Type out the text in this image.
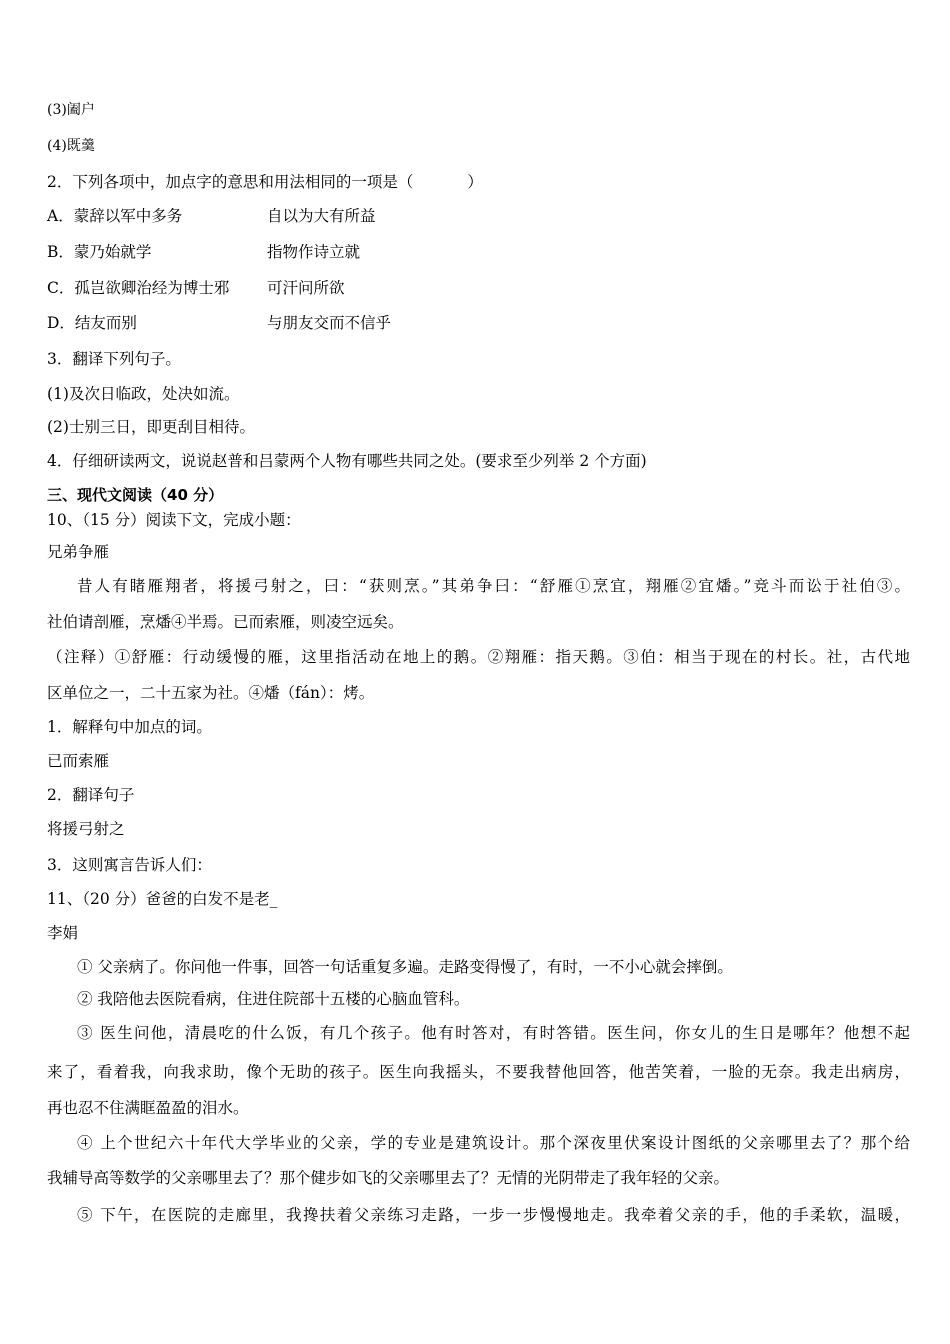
(3)阖户
(4)既羹
2．下列各项中，加点字的意思和用法相同的一项是（	）
A．蒙辞以军中多务	自以为大有所益
B．蒙乃始就学	指物作诗立就
C．孤岂欲卿治经为博士邪 可汗问所欲
D．结友而别	与朋友交而不信乎
3．翻译下列句子。
(1)及次日临政，处决如流。
(2)士别三日，即更刮目相待。
4．仔细研读两文，说说赵普和吕蒙两个人物有哪些共同之处。(要求至少列举 2 个方面)
三、现代文阅读（40 分）
10、（15 分）阅读下文，完成小题：
兄弟争雁
昔人有睹雁翔者，将援弓射之，曰：“获则烹。”其弟争曰：“舒雁①烹宜，翔雁②宜燔。”竞斗而讼于社伯③。
社伯请剖雁，烹燔④半焉。已而索雁，则凌空远矣。
（注释）①舒雁：行动缓慢的雁，这里指活动在地上的鹅。②翔雁：指天鹅。③伯：相当于现在的村长。社，古代地
区单位之一，二十五家为社。④燔（fán）：烤。
1．解释句中加点的词。
已而索雁
2．翻译句子
将援弓射之
3．这则寓言告诉人们：
11、（20 分）爸爸的白发不是老_
李娟
① 父亲病了。你问他一件事，回答一句话重复多遍。走路变得慢了，有时，一不小心就会摔倒。
② 我陪他去医院看病，住进住院部十五楼的心脑血管科。
③ 医生问他，清晨吃的什么饭，有几个孩子。他有时答对，有时答错。医生问，你女儿的生日是哪年？他想不起
来了，看着我，向我求助，像个无助的孩子。医生向我摇头，不要我替他回答，他苦笑着，一脸的无奈。我走出病房，
再也忍不住满眶盈盈的泪水。
④ 上个世纪六十年代大学毕业的父亲，学的专业是建筑设计。那个深夜里伏案设计图纸的父亲哪里去了？那个给
我辅导高等数学的父亲哪里去了？那个健步如飞的父亲哪里去了？无情的光阴带走了我年轻的父亲。
⑤ 下午，在医院的走廊里，我搀扶着父亲练习走路，一步一步慢慢地走。我牵着父亲的手，他的手柔软，温暖，
